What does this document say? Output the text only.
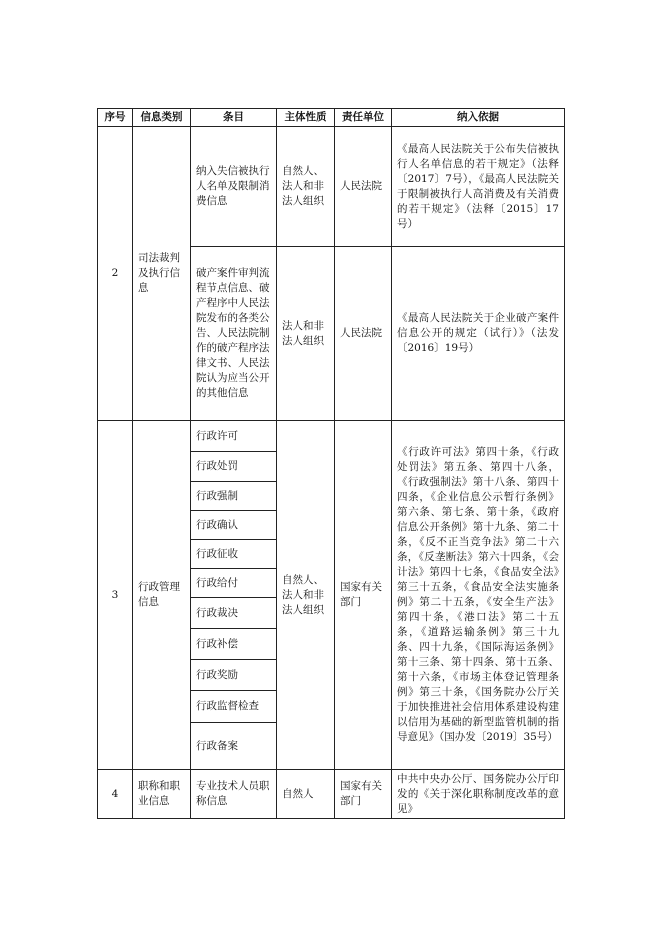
序号	信息类别	条目	主体性质	责任单位	纳入依据
2	司法裁判及执行信息	纳入失信被执行人名单及限制消费信息	自然人、法人和非法人组织	人民法院	《最高人民法院关于公布失信被执行人名单信息的若干规定》（法释〔2017〕7号），《最高人民法院关于限制被执行人高消费及有关消费的若干规定》（法释〔2015〕17号）
		破产案件审判流程节点信息、破产程序中人民法院发布的各类公告、人民法院制作的破产程序法律文书、人民法院认为应当公开的其他信息	法人和非法人组织	人民法院	《最高人民法院关于企业破产案件信息公开的规定（试行）》（法发〔2016〕19号）
3	行政管理信息	行政许可	自然人、法人和非法人组织	国家有关部门	《行政许可法》第四十条，《行政处罚法》第五条、第四十八条，《行政强制法》第十八条、第四十四条，《企业信息公示暂行条例》第六条、第七条、第十条，《政府信息公开条例》第十九条、第二十条，《反不正当竞争法》第二十六条，《反垄断法》第六十四条，《会计法》第四十七条，《食品安全法》第三十五条，《食品安全法实施条例》第二十五条，《安全生产法》第四十条，《港口法》第二十五条，《道路运输条例》第三十九条、四十九条，《国际海运条例》第十三条、第十四条、第十五条、第十六条，《市场主体登记管理条例》第三十条，《国务院办公厅关于加快推进社会信用体系建设构建以信用为基础的新型监管机制的指导意见》（国办发〔2019〕35号）
		行政处罚			
		行政强制			
		行政确认			
		行政征收			
		行政给付			
		行政裁决			
		行政补偿			
		行政奖励			
		行政监督检查			
		行政备案			
4	职称和职业信息	专业技术人员职称信息	自然人	国家有关部门	中共中央办公厅、国务院办公厅印发的《关于深化职称制度改革的意见》
